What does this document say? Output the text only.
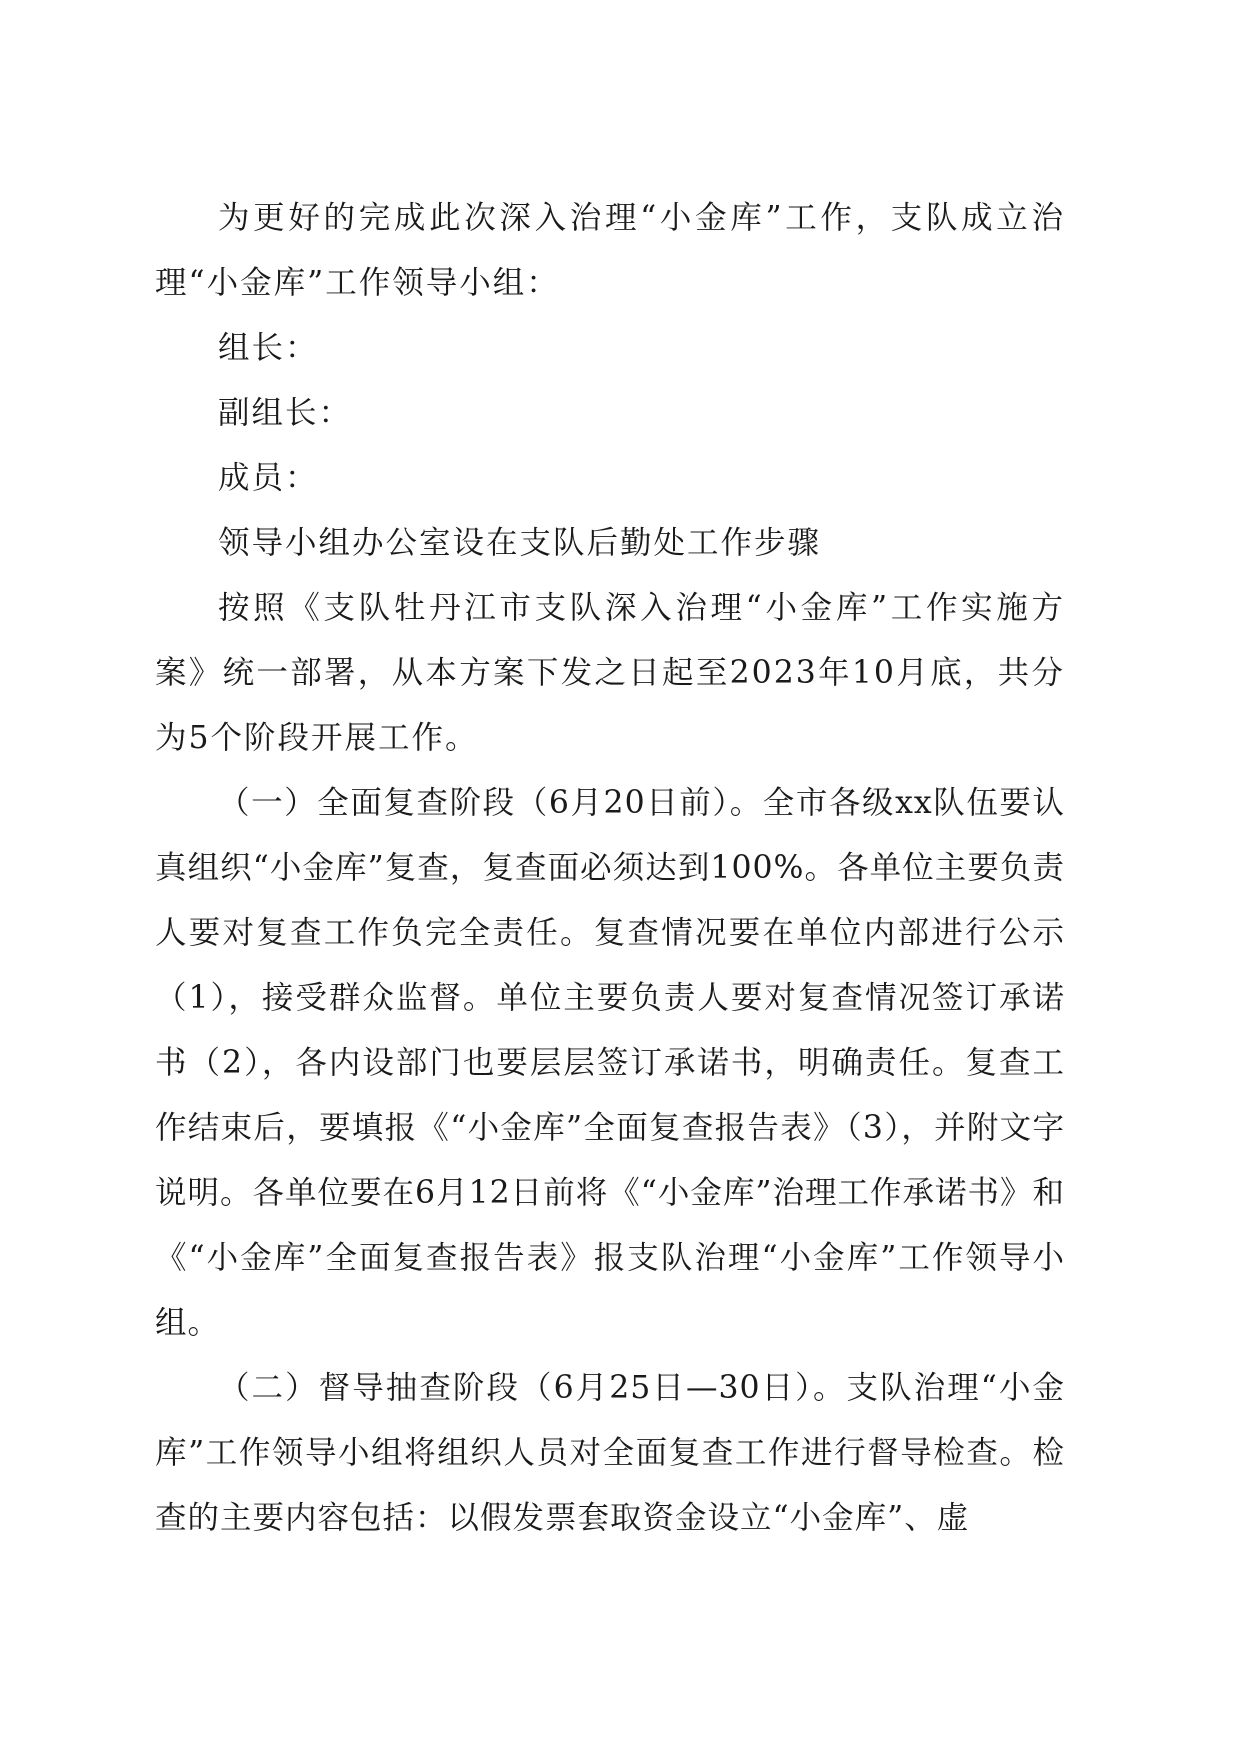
为更好的完成此次深入治理“小金库”工作，支队成立治理“小金库”工作领导小组：

组长：

副组长：

成员：

领导小组办公室设在支队后勤处工作步骤

按照《支队牡丹江市支队深入治理“小金库”工作实施方案》统一部署，从本方案下发之日起至2023年10月底，共分为5个阶段开展工作。

（一）全面复查阶段（6月20日前）。全市各级xx队伍要认真组织“小金库”复查，复查面必须达到100%。各单位主要负责人要对复查工作负完全责任。复查情况要在单位内部进行公示（1），接受群众监督。单位主要负责人要对复查情况签订承诺书（2），各内设部门也要层层签订承诺书，明确责任。复查工作结束后，要填报《“小金库”全面复查报告表》（3），并附文字说明。各单位要在6月12日前将《“小金库”治理工作承诺书》和《“小金库”全面复查报告表》报支队治理“小金库”工作领导小组。

（二）督导抽查阶段（6月25日—30日）。支队治理“小金库”工作领导小组将组织人员对全面复查工作进行督导检查。检查的主要内容包括：以假发票套取资金设立“小金库”、虚
